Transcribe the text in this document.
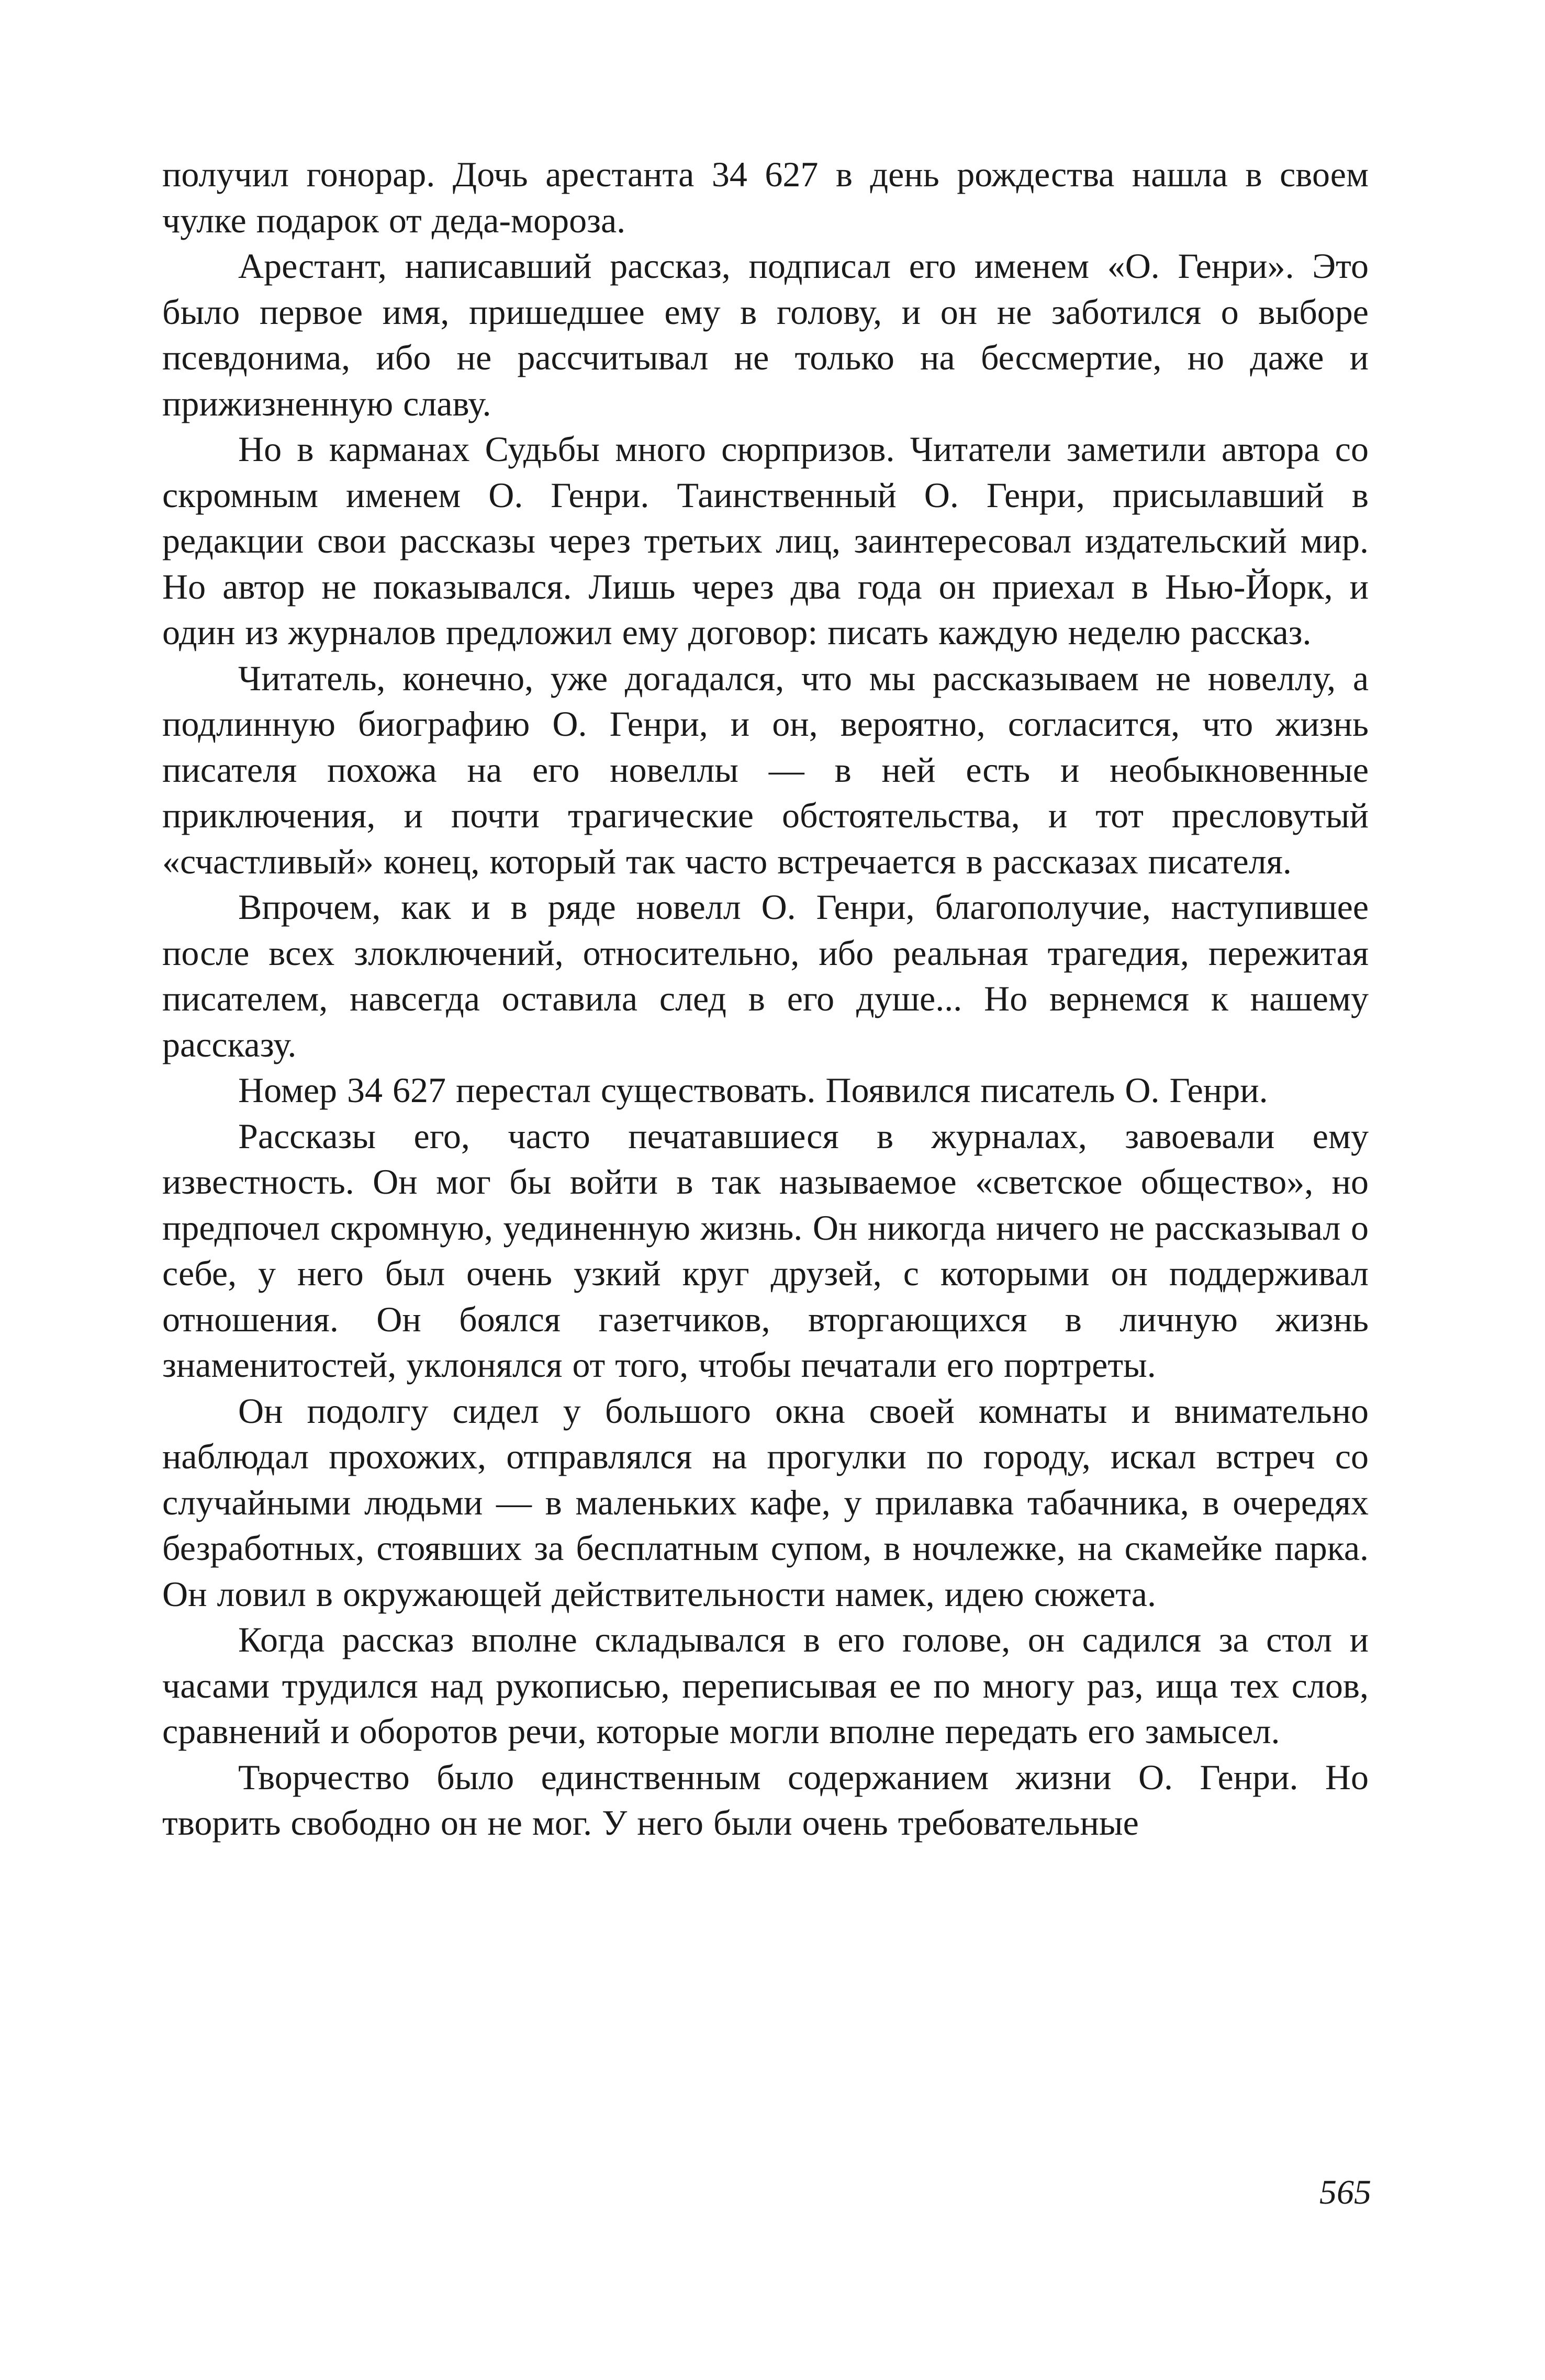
получил гонорар. Дочь арестанта 34 627 в день рождества нашла в своем чулке подарок от деда-мороза.

Арестант, написавший рассказ, подписал его именем «О. Генри». Это было первое имя, пришедшее ему в голову, и он не заботился о выборе псевдонима, ибо не рассчитывал не только на бессмертие, но даже и прижизненную славу.

Но в карманах Судьбы много сюрпризов. Читатели заметили автора со скромным именем О. Генри. Таинственный О. Генри, присылавший в редакции свои рассказы через третьих лиц, заинтересовал издательский мир. Но автор не показывался. Лишь через два года он приехал в Нью-Йорк, и один из журналов предложил ему договор: писать каждую неделю рассказ.

Читатель, конечно, уже догадался, что мы рассказываем не новеллу, а подлинную биографию О. Генри, и он, вероятно, согласится, что жизнь писателя похожа на его новеллы — в ней есть и необыкновенные приключения, и почти трагические обстоятельства, и тот пресловутый «счастливый» конец, который так часто встречается в рассказах писателя.

Впрочем, как и в ряде новелл О. Генри, благополучие, наступившее после всех злоключений, относительно, ибо реальная трагедия, пережитая писателем, навсегда оставила след в его душе... Но вернемся к нашему рассказу.

Номер 34 627 перестал существовать. Появился писатель О. Генри.

Рассказы его, часто печатавшиеся в журналах, завоевали ему известность. Он мог бы войти в так называемое «светское общество», но предпочел скромную, уединенную жизнь. Он никогда ничего не рассказывал о себе, у него был очень узкий круг друзей, с которыми он поддерживал отношения. Он боялся газетчиков, вторгающихся в личную жизнь знаменитостей, уклонялся от того, чтобы печатали его портреты.

Он подолгу сидел у большого окна своей комнаты и внимательно наблюдал прохожих, отправлялся на прогулки по городу, искал встреч со случайными людьми — в маленьких кафе, у прилавка табачника, в очередях безработных, стоявших за бесплатным супом, в ночлежке, на скамейке парка. Он ловил в окружающей действительности намек, идею сюжета.

Когда рассказ вполне складывался в его голове, он садился за стол и часами трудился над рукописью, переписывая ее по многу раз, ища тех слов, сравнений и оборотов речи, которые могли вполне передать его замысел.

Творчество было единственным содержанием жизни О. Генри. Но творить свободно он не мог. У него были очень требовательные

565
